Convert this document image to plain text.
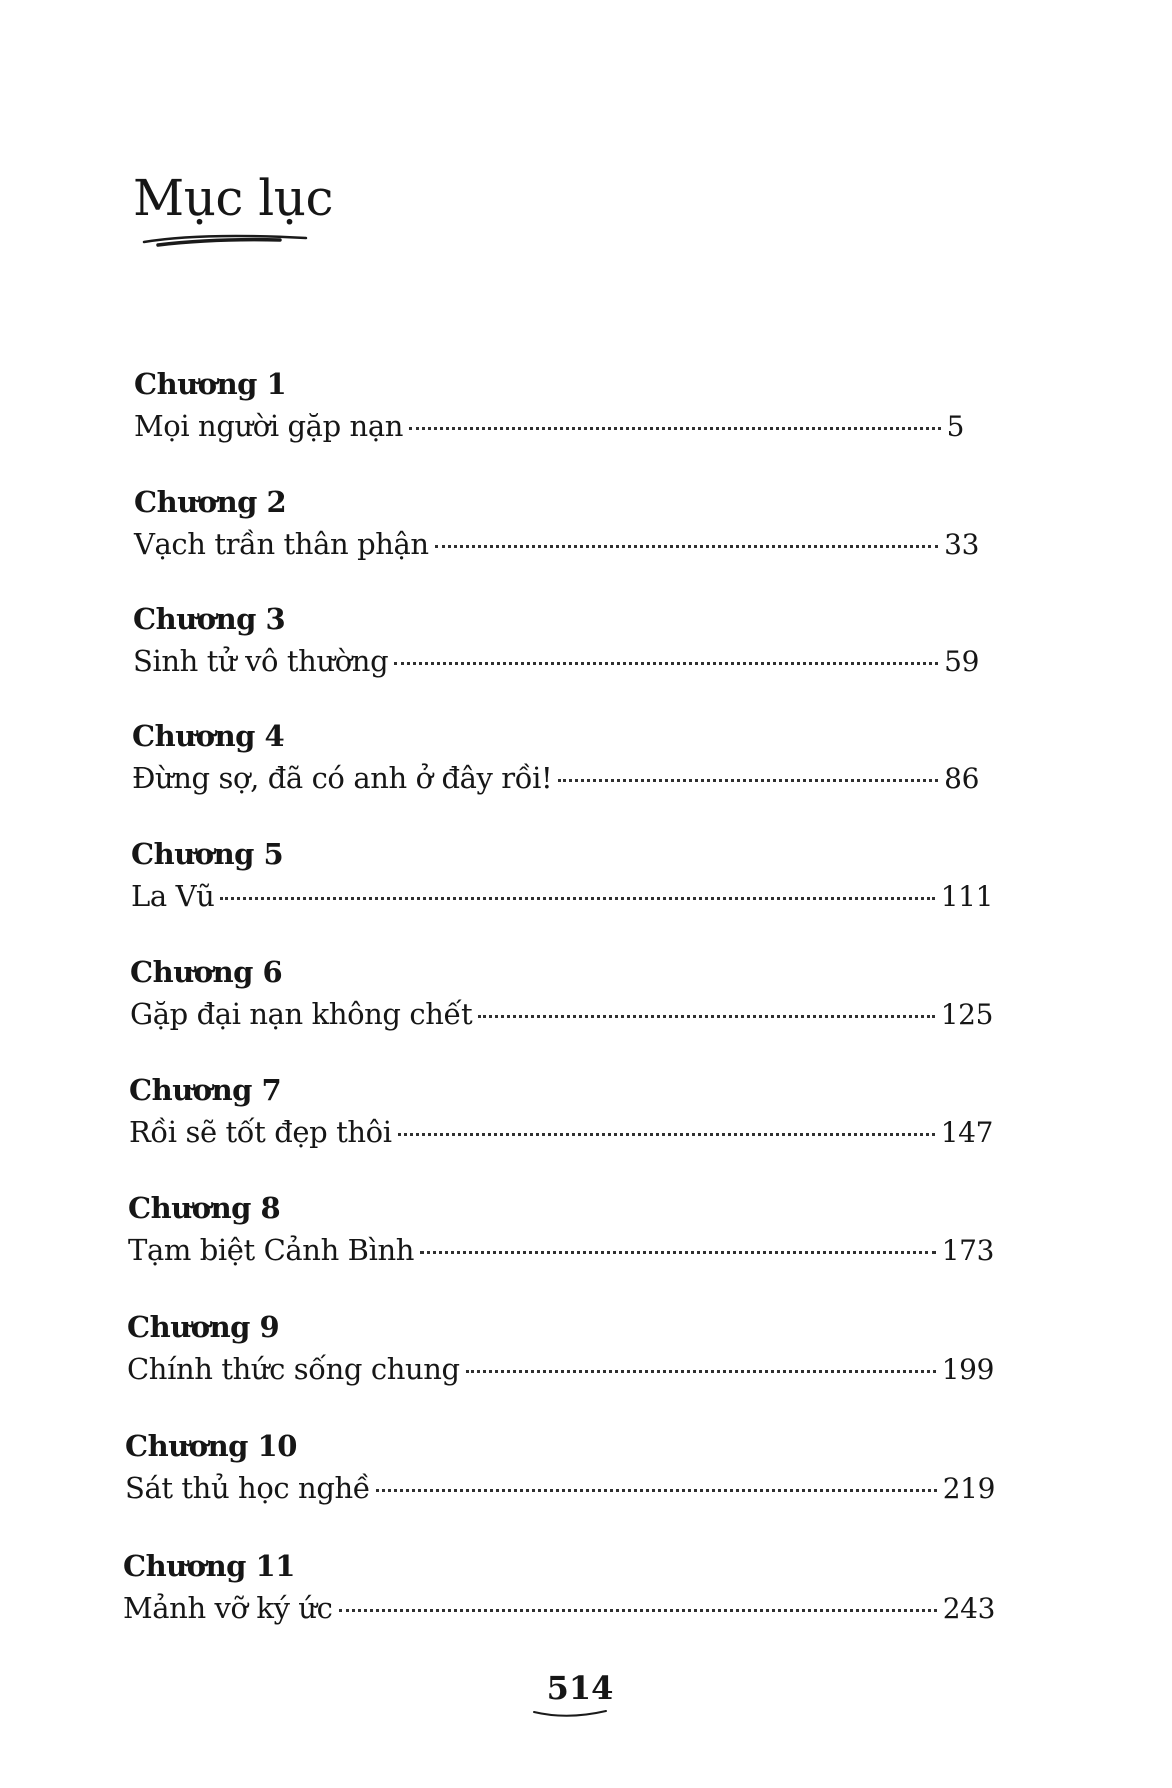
Mục lục
Chương 1
Mọi người gặp nạn	5
Chương 2
Vạch trần thân phận	33
Chương 3
Sinh tử vô thường	59
Chương 4
Đừng sợ, đã có anh ở đây rồi!	86
Chương 5
La Vũ	111
Chương 6
Gặp đại nạn không chết	125
Chương 7
Rồi sẽ tốt đẹp thôi	147
Chương 8
Tạm biệt Cảnh Bình	173
Chương 9
Chính thức sống chung	199
Chương 10
Sát thủ học nghề	219
Chương 11
Mảnh vỡ ký ức	243
514
